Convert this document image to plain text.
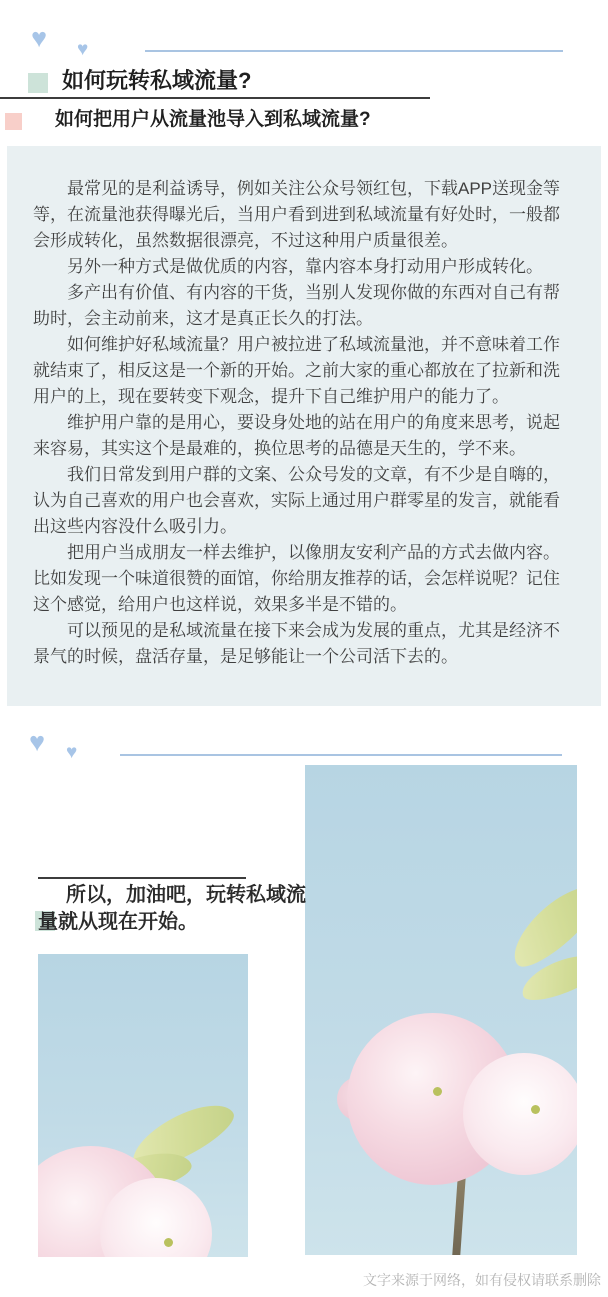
♥ ♥
如何玩转私域流量?
如何把用户从流量池导入到私域流量?

最常见的是利益诱导，例如关注公众号领红包，下载APP送现金等等，在流量池获得曝光后，当用户看到进到私域流量有好处时，一般都会形成转化，虽然数据很漂亮，不过这种用户质量很差。

另外一种方式是做优质的内容，靠内容本身打动用户形成转化。

多产出有价值、有内容的干货，当别人发现你做的东西对自己有帮助时，会主动前来，这才是真正长久的打法。

如何维护好私域流量？用户被拉进了私域流量池，并不意味着工作就结束了，相反这是一个新的开始。之前大家的重心都放在了拉新和洗用户的上，现在要转变下观念，提升下自己维护用户的能力了。

维护用户靠的是用心，要设身处地的站在用户的角度来思考，说起来容易，其实这个是最难的，换位思考的品德是天生的，学不来。

我们日常发到用户群的文案、公众号发的文章，有不少是自嗨的，认为自己喜欢的用户也会喜欢，实际上通过用户群零星的发言，就能看出这些内容没什么吸引力。

把用户当成朋友一样去维护，以像朋友安利产品的方式去做内容。比如发现一个味道很赞的面馆，你给朋友推荐的话，会怎样说呢？记住这个感觉，给用户也这样说，效果多半是不错的。

可以预见的是私域流量在接下来会成为发展的重点，尤其是经济不景气的时候，盘活存量，是足够能让一个公司活下去的。

♥ ♥

所以，加油吧，玩转私域流量就从现在开始。

文字来源于网络，如有侵权请联系删除
